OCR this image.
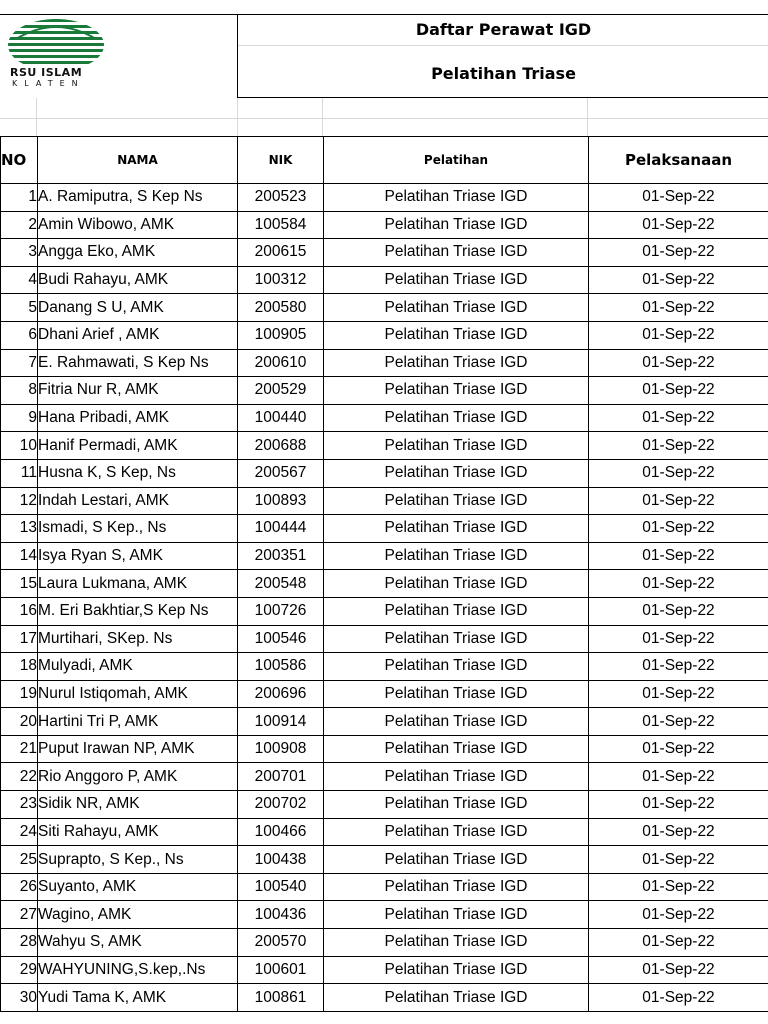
RSU ISLAM
KLATEN
Daftar Perawat IGD
Pelatihan Triase
NO	NAMA	NIK	Pelatihan	Pelaksanaan
1	A. Ramiputra, S Kep Ns	200523	Pelatihan Triase IGD	01-Sep-22
2	Amin Wibowo, AMK	100584	Pelatihan Triase IGD	01-Sep-22
3	Angga Eko, AMK	200615	Pelatihan Triase IGD	01-Sep-22
4	Budi Rahayu, AMK	100312	Pelatihan Triase IGD	01-Sep-22
5	Danang S U, AMK	200580	Pelatihan Triase IGD	01-Sep-22
6	Dhani Arief , AMK	100905	Pelatihan Triase IGD	01-Sep-22
7	E. Rahmawati, S Kep Ns	200610	Pelatihan Triase IGD	01-Sep-22
8	Fitria Nur R, AMK	200529	Pelatihan Triase IGD	01-Sep-22
9	Hana Pribadi, AMK	100440	Pelatihan Triase IGD	01-Sep-22
10	Hanif Permadi, AMK	200688	Pelatihan Triase IGD	01-Sep-22
11	Husna K, S Kep, Ns	200567	Pelatihan Triase IGD	01-Sep-22
12	Indah Lestari, AMK	100893	Pelatihan Triase IGD	01-Sep-22
13	Ismadi, S Kep., Ns	100444	Pelatihan Triase IGD	01-Sep-22
14	Isya Ryan S, AMK	200351	Pelatihan Triase IGD	01-Sep-22
15	Laura Lukmana, AMK	200548	Pelatihan Triase IGD	01-Sep-22
16	M. Eri Bakhtiar,S Kep Ns	100726	Pelatihan Triase IGD	01-Sep-22
17	Murtihari, SKep. Ns	100546	Pelatihan Triase IGD	01-Sep-22
18	Mulyadi, AMK	100586	Pelatihan Triase IGD	01-Sep-22
19	Nurul Istiqomah, AMK	200696	Pelatihan Triase IGD	01-Sep-22
20	Hartini Tri P, AMK	100914	Pelatihan Triase IGD	01-Sep-22
21	Puput Irawan NP, AMK	100908	Pelatihan Triase IGD	01-Sep-22
22	Rio Anggoro P, AMK	200701	Pelatihan Triase IGD	01-Sep-22
23	Sidik NR, AMK	200702	Pelatihan Triase IGD	01-Sep-22
24	Siti Rahayu, AMK	100466	Pelatihan Triase IGD	01-Sep-22
25	Suprapto, S Kep., Ns	100438	Pelatihan Triase IGD	01-Sep-22
26	Suyanto, AMK	100540	Pelatihan Triase IGD	01-Sep-22
27	Wagino, AMK	100436	Pelatihan Triase IGD	01-Sep-22
28	Wahyu S, AMK	200570	Pelatihan Triase IGD	01-Sep-22
29	WAHYUNING,S.kep,.Ns	100601	Pelatihan Triase IGD	01-Sep-22
30	Yudi Tama K, AMK	100861	Pelatihan Triase IGD	01-Sep-22
